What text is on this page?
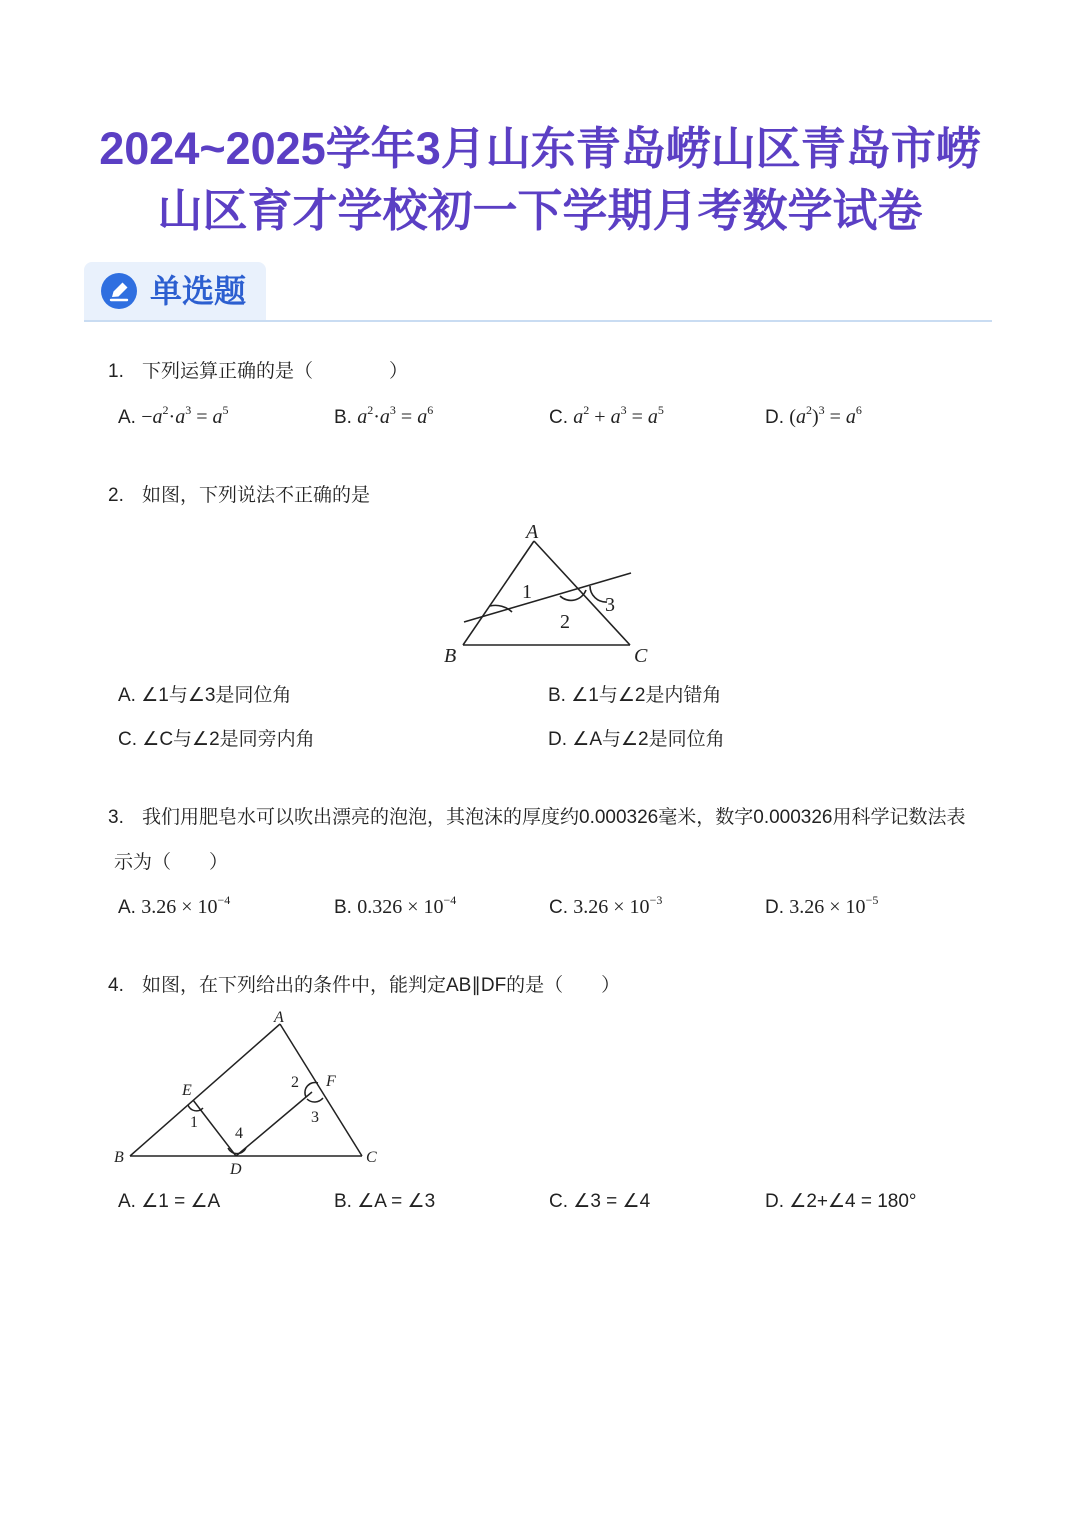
2024~2025学年3月山东青岛崂山区青岛市崂
山区育才学校初一下学期月考数学试卷
单选题
1. 下列运算正确的是（　　　　）
A. $-a^2\cdot a^3 = a^5$	B. $a^2\cdot a^3 = a^6$	C. $a^2 + a^3 = a^5$	D. $(a^2)^3 = a^6$
2. 如图，下列说法不正确的是
A
B	C
1
2
3
A. ∠1与∠3是同位角	B. ∠1与∠2是内错角
C. ∠C与∠2是同旁内角	D. ∠A与∠2是同位角
3. 我们用肥皂水可以吹出漂亮的泡泡，其泡沫的厚度约0.000326毫米，数字0.000326用科学记数法表
示为（　　）
A. $3.26 \times 10^{-4}$	B. $0.326 \times 10^{-4}$	C. $3.26 \times 10^{-3}$	D. $3.26 \times 10^{-5}$
4. 如图，在下列给出的条件中，能判定AB∥DF的是（　　）
A
B	C
D
E
F
1
2
3
4
A. ∠1 = ∠A	B. ∠A = ∠3	C. ∠3 = ∠4	D. ∠2+∠4 = 180°
